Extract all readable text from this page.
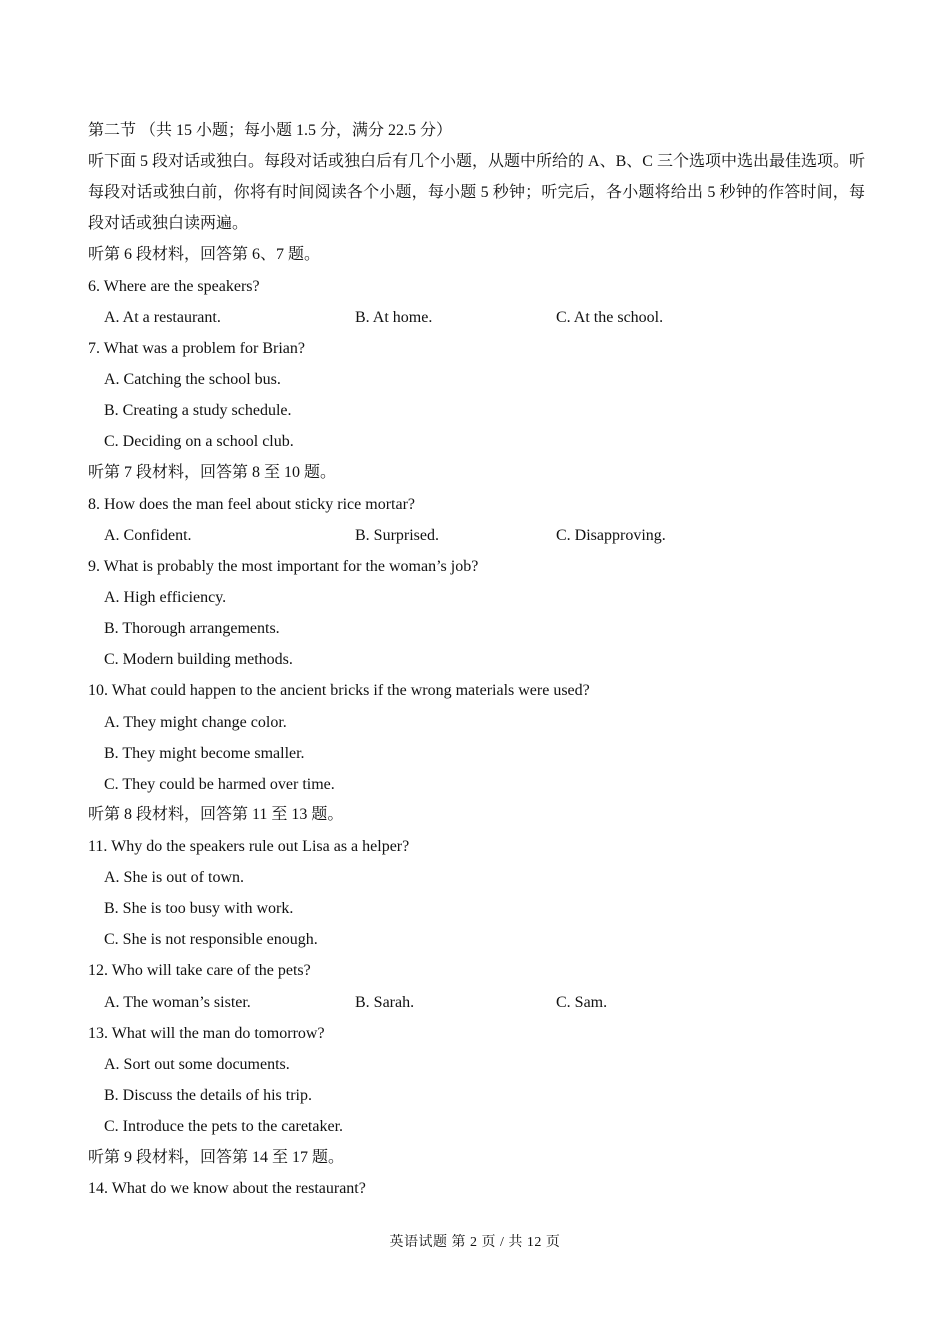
第二节 （共 15 小题；每小题 1.5 分，满分 22.5 分）
听下面 5 段对话或独白。每段对话或独白后有几个小题，从题中所给的 A、B、C 三个选项中选出最佳选项。听每段对话或独白前，你将有时间阅读各个小题，每小题 5 秒钟；听完后，各小题将给出 5 秒钟的作答时间，每段对话或独白读两遍。
听第 6 段材料，回答第 6、7 题。
6. Where are the speakers?
A. At a restaurant.	B. At home.	C. At the school.
7. What was a problem for Brian?
A. Catching the school bus.
B. Creating a study schedule.
C. Deciding on a school club.
听第 7 段材料，回答第 8 至 10 题。
8. How does the man feel about sticky rice mortar?
A. Confident.	B. Surprised.	C. Disapproving.
9. What is probably the most important for the woman’s job?
A. High efficiency.
B. Thorough arrangements.
C. Modern building methods.
10. What could happen to the ancient bricks if the wrong materials were used?
A. They might change color.
B. They might become smaller.
C. They could be harmed over time.
听第 8 段材料，回答第 11 至 13 题。
11. Why do the speakers rule out Lisa as a helper?
A. She is out of town.
B. She is too busy with work.
C. She is not responsible enough.
12. Who will take care of the pets?
A. The woman’s sister.	B. Sarah.	C. Sam.
13. What will the man do tomorrow?
A. Sort out some documents.
B. Discuss the details of his trip.
C. Introduce the pets to the caretaker.
听第 9 段材料，回答第 14 至 17 题。
14. What do we know about the restaurant?
英语试题 第 2 页 / 共 12 页
